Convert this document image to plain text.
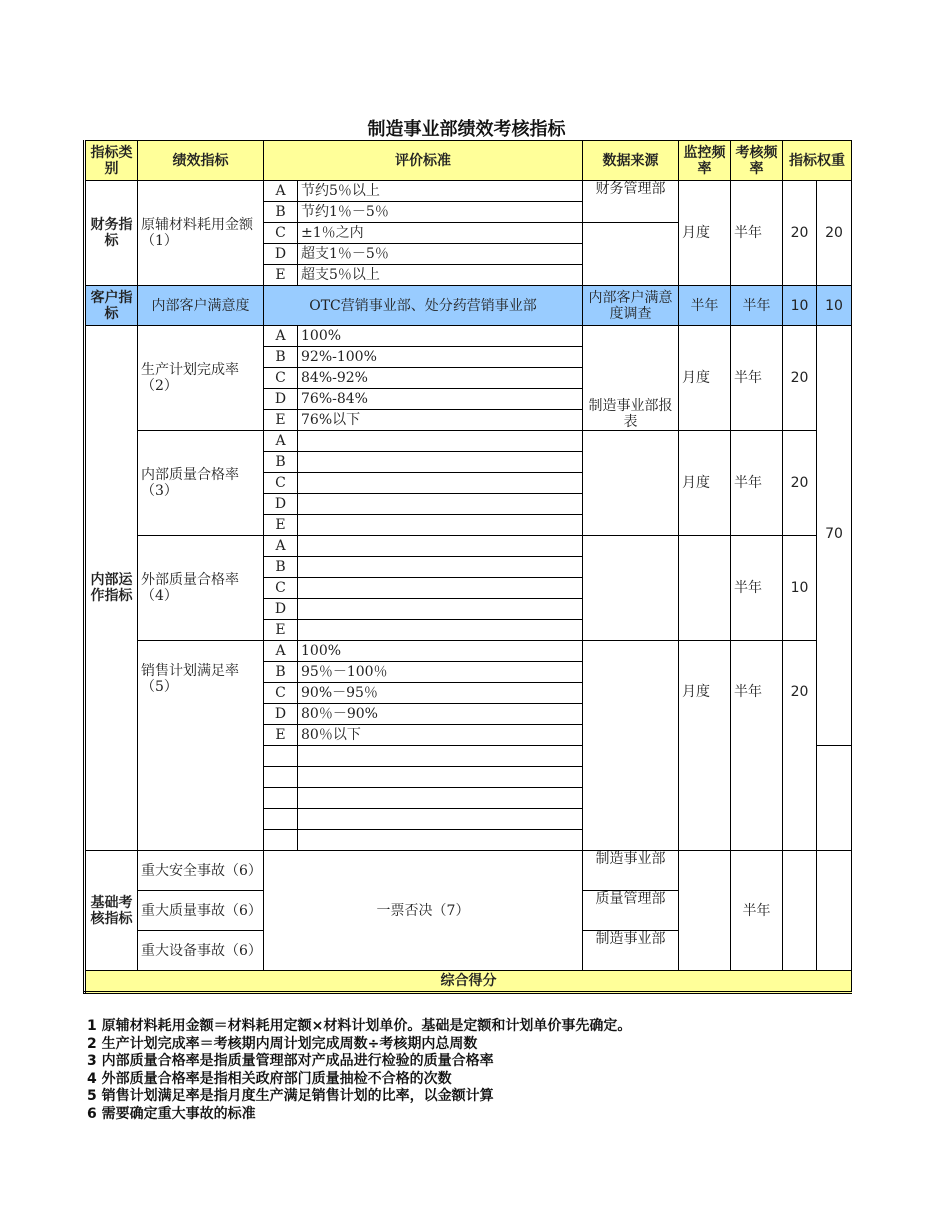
制造事业部绩效考核指标
指标类别	绩效指标	评价标准		数据来源	监控频率	考核频率	指标权重	
财务指标	原辅材料耗用金额（1）	A	节约5％以上	财务管理部	月度	半年	20	20
		B	节约1％－5％					
		C	±1％之内					
		D	超支1％－5％					
		E	超支5％以上					
客户指标	内部客户满意度	OTC营销事业部、处分药营销事业部		内部客户满意度调查	半年	半年	10	10
内部运作指标	生产计划完成率（2）	A	100%	制造事业部报表	月度	半年	20	70
		B	92%-100%					
		C	84%-92%					
		D	76%-84%					
		E	76%以下					
	内部质量合格率（3）	A			月度	半年	20	
		B						
		C						
		D						
		E						
	外部质量合格率（4）	A				半年	10	
		B						
		C						
		D						
		E						
	销售计划满足率（5）	A	100%		月度	半年	20	
		B	95％－100％					
		C	90%－95％					
		D	80％－90%					
		E	80％以下					

基础考核指标	重大安全事故（6）	一票否决（7）		制造事业部		半年		
	重大质量事故（6）			质量管理部				
	重大设备事故（6）			制造事业部				
综合得分								
1 原辅材料耗用金额＝材料耗用定额×材料计划单价。基础是定额和计划单价事先确定。
2 生产计划完成率＝考核期内周计划完成周数÷考核期内总周数
3 内部质量合格率是指质量管理部对产成品进行检验的质量合格率
4 外部质量合格率是指相关政府部门质量抽检不合格的次数
5 销售计划满足率是指月度生产满足销售计划的比率，以金额计算
6 需要确定重大事故的标准
